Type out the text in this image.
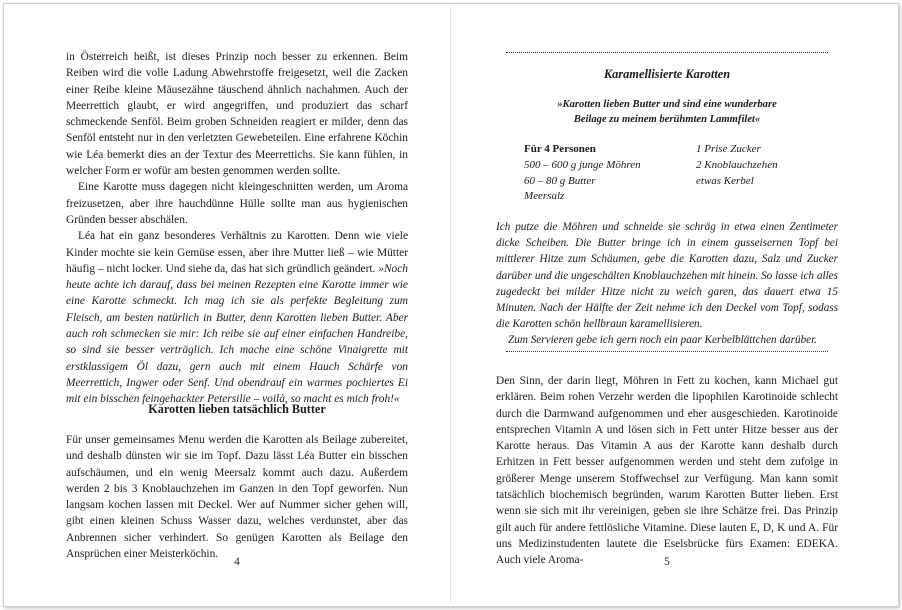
in Österreich heißt, ist dieses Prinzip noch besser zu erkennen. Beim Reiben wird die volle Ladung Abwehrstoffe freigesetzt, weil die Zacken einer Reibe kleine Mäusezähne täuschend ähnlich nachahmen. Auch der Meerrettich glaubt, er wird angegriffen, und produziert das scharf schmeckende Senföl. Beim groben Schneiden reagiert er milder, denn das Senföl entsteht nur in den verletzten Gewebeteilen. Eine erfahrene Köchin wie Léa bemerkt dies an der Textur des Meerrettichs. Sie kann fühlen, in welcher Form er wofür am besten genommen werden sollte.

Eine Karotte muss dagegen nicht kleingeschnitten werden, um Aroma freizusetzen, aber ihre hauchdünne Hülle sollte man aus hygienischen Gründen besser abschälen.

Léa hat ein ganz besonderes Verhältnis zu Karotten. Denn wie viele Kinder mochte sie kein Gemüse essen, aber ihre Mutter ließ – wie Mütter häufig – nicht locker. Und siehe da, das hat sich gründlich geändert. »Noch heute achte ich darauf, dass bei meinen Rezepten eine Karotte immer wie eine Karotte schmeckt. Ich mag ich sie als perfekte Begleitung zum Fleisch, am besten natürlich in Butter, denn Karotten lieben Butter. Aber auch roh schmecken sie mir: Ich reibe sie auf einer einfachen Handreibe, so sind sie besser verträglich. Ich mache eine schöne Vinaigrette mit erstklassigem Öl dazu, gern auch mit einem Hauch Schärfe von Meerrettich, Ingwer oder Senf. Und obendrauf ein warmes pochiertes Ei mit ein bisschen feingehackter Petersilie – voilà, so macht es mich froh!«

Karotten lieben tatsächlich Butter

Für unser gemeinsames Menu werden die Karotten als Beilage zubereitet, und deshalb dünsten wir sie im Topf. Dazu lässt Léa Butter ein bisschen aufschäumen, und ein wenig Meersalz kommt auch dazu. Außerdem werden 2 bis 3 Knoblauchzehen im Ganzen in den Topf geworfen. Nun langsam kochen lassen mit Deckel. Wer auf Nummer sicher gehen will, gibt einen kleinen Schuss Wasser dazu, welches verdunstet, aber das Anbrennen sicher verhindert. So genügen Karotten als Beilage den Ansprüchen einer Meisterköchin.

4
Karamellisierte Karotten
»Karotten lieben Butter und sind eine wunderbare
Beilage zu meinem berühmten Lammfilet«
Für 4 Personen
500 – 600 g junge Möhren
60 – 80 g Butter
Meersalz
1 Prise Zucker
2 Knoblauchzehen
etwas Kerbel

Ich putze die Möhren und schneide sie schräg in etwa einen Zentimeter dicke Scheiben. Die Butter bringe ich in einem gusseisernen Topf bei mittlerer Hitze zum Schäumen, gebe die Karotten dazu, Salz und Zucker darüber und die ungeschälten Knoblauchzehen mit hinein. So lasse ich alles zugedeckt bei milder Hitze nicht zu weich garen, das dauert etwa 15 Minuten. Nach der Hälfte der Zeit nehme ich den Deckel vom Topf, sodass die Karotten schön hellbraun karamellisieren.

Zum Servieren gebe ich gern noch ein paar Kerbelblättchen darüber.

Den Sinn, der darin liegt, Möhren in Fett zu kochen, kann Michael gut erklären. Beim rohen Verzehr werden die lipophilen Karotinoide schlecht durch die Darmwand aufgenommen und eher ausgeschieden. Karotinoide entsprechen Vitamin A und lösen sich in Fett unter Hitze besser aus der Karotte heraus. Das Vitamin A aus der Karotte kann deshalb durch Erhitzen in Fett besser aufgenommen werden und steht dem zufolge in größerer Menge unserem Stoffwechsel zur Verfügung. Man kann somit tatsächlich biochemisch begründen, warum Karotten Butter lieben. Erst wenn sie sich mit ihr vereinigen, geben sie ihre Schätze frei. Das Prinzip gilt auch für andere fettlösliche Vitamine. Diese lauten E, D, K und A. Für uns Medizinstudenten lautete die Eselsbrücke fürs Examen: EDEKA. Auch viele Aroma-	5
